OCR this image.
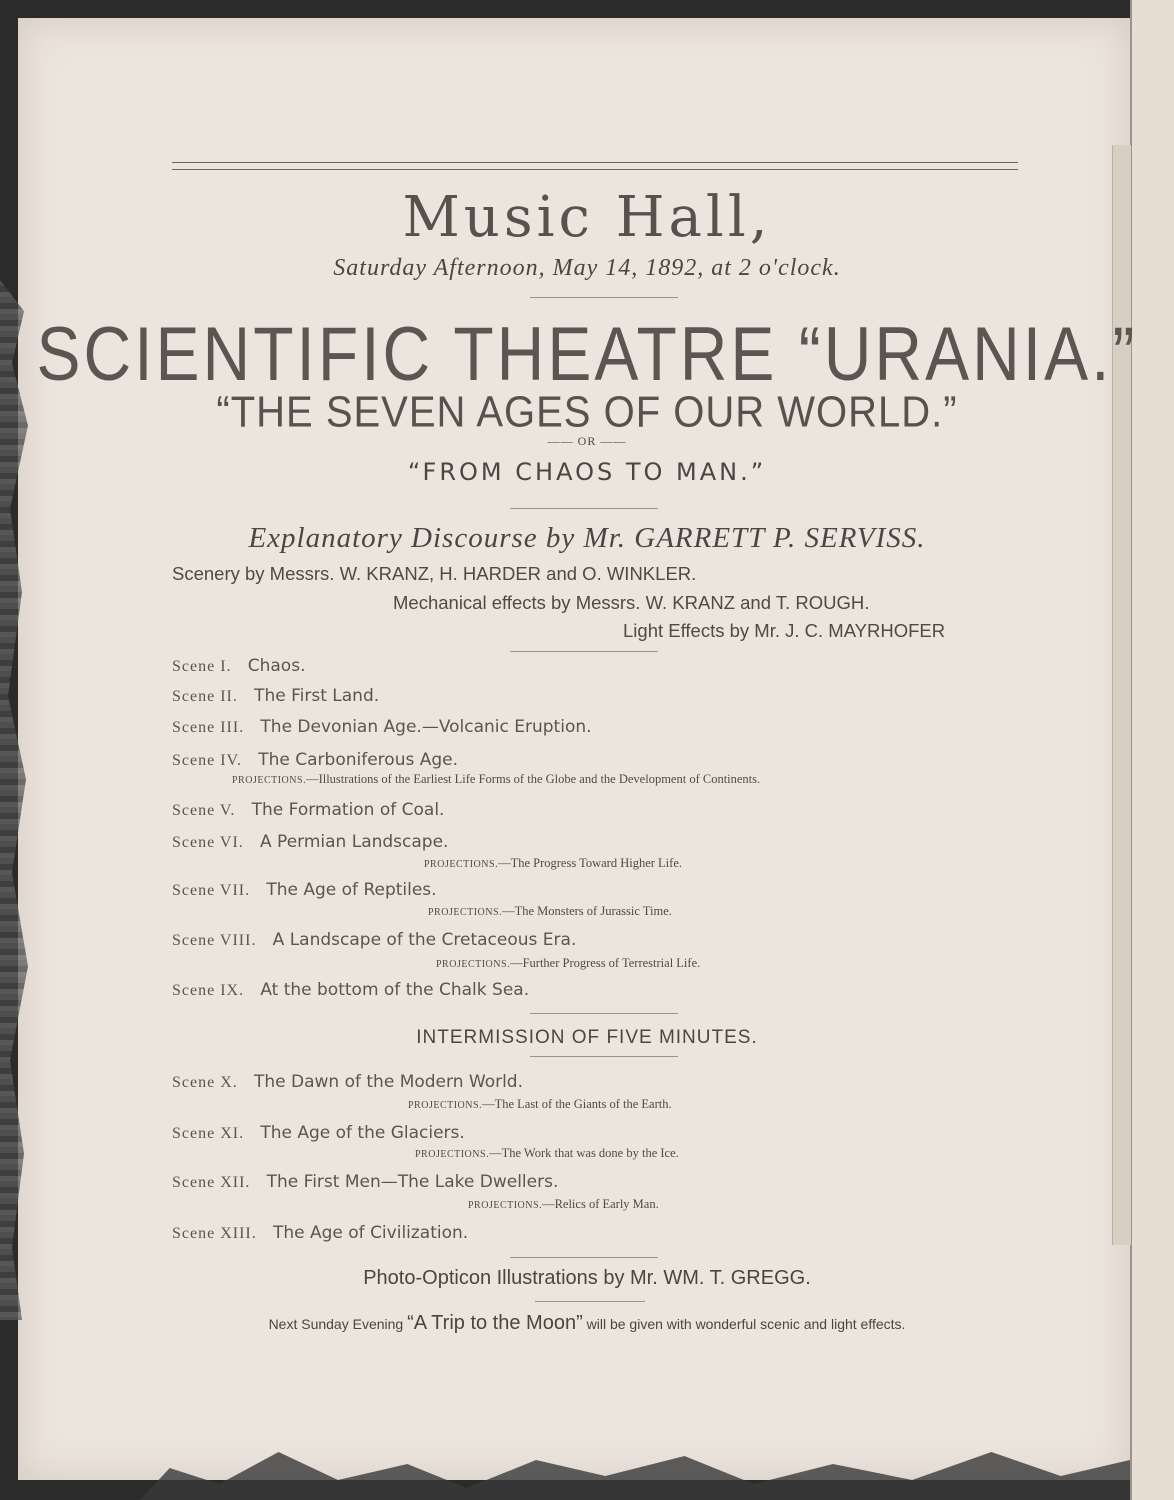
Music Hall,
Saturday Afternoon, May 14, 1892, at 2 o'clock.
SCIENTIFIC THEATRE “URANIA.”
“THE SEVEN AGES OF OUR WORLD.”
—— OR ——
“FROM CHAOS TO MAN.”
Explanatory Discourse by Mr. GARRETT P. SERVISS.
Scenery by Messrs. W. KRANZ, H. HARDER and O. WINKLER.
Mechanical effects by Messrs. W. KRANZ and T. ROUGH.
Light Effects by Mr. J. C. MAYRHOFER
Scene I. Chaos.
Scene II. The First Land.
Scene III. The Devonian Age.—Volcanic Eruption.
Scene IV. The Carboniferous Age.
PROJECTIONS.—Illustrations of the Earliest Life Forms of the Globe and the Development of Continents.
Scene V. The Formation of Coal.
Scene VI. A Permian Landscape.
PROJECTIONS.—The Progress Toward Higher Life.
Scene VII. The Age of Reptiles.
PROJECTIONS.—The Monsters of Jurassic Time.
Scene VIII. A Landscape of the Cretaceous Era.
PROJECTIONS.—Further Progress of Terrestrial Life.
Scene IX. At the bottom of the Chalk Sea.
INTERMISSION OF FIVE MINUTES.
Scene X. The Dawn of the Modern World.
PROJECTIONS.—The Last of the Giants of the Earth.
Scene XI. The Age of the Glaciers.
PROJECTIONS.—The Work that was done by the Ice.
Scene XII. The First Men—The Lake Dwellers.
PROJECTIONS.—Relics of Early Man.
Scene XIII. The Age of Civilization.
Photo-Opticon Illustrations by Mr. WM. T. GREGG.
Next Sunday Evening “A Trip to the Moon” will be given with wonderful scenic and light effects.
